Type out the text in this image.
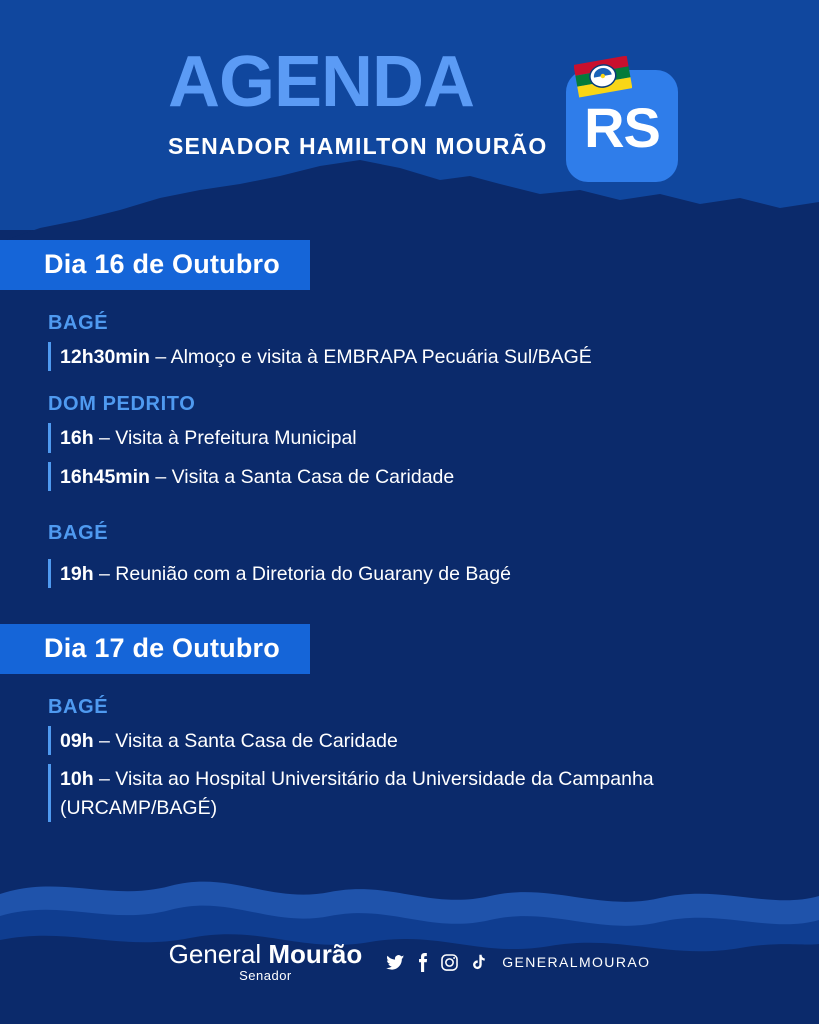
AGENDA
SENADOR HAMILTON MOURÃO RS
Dia 16 de Outubro
BAGÉ
12h30min – Almoço e visita à EMBRAPA Pecuária Sul/BAGÉ
DOM PEDRITO
16h – Visita à Prefeitura Municipal
16h45min – Visita a Santa Casa de Caridade
BAGÉ
19h – Reunião com a Diretoria do Guarany de Bagé
Dia 17 de Outubro
BAGÉ
09h – Visita a Santa Casa de Caridade
10h – Visita ao Hospital Universitário da Universidade da Campanha (URCAMP/BAGÉ)
General Mourão
Senador
GENERALMOURAO
